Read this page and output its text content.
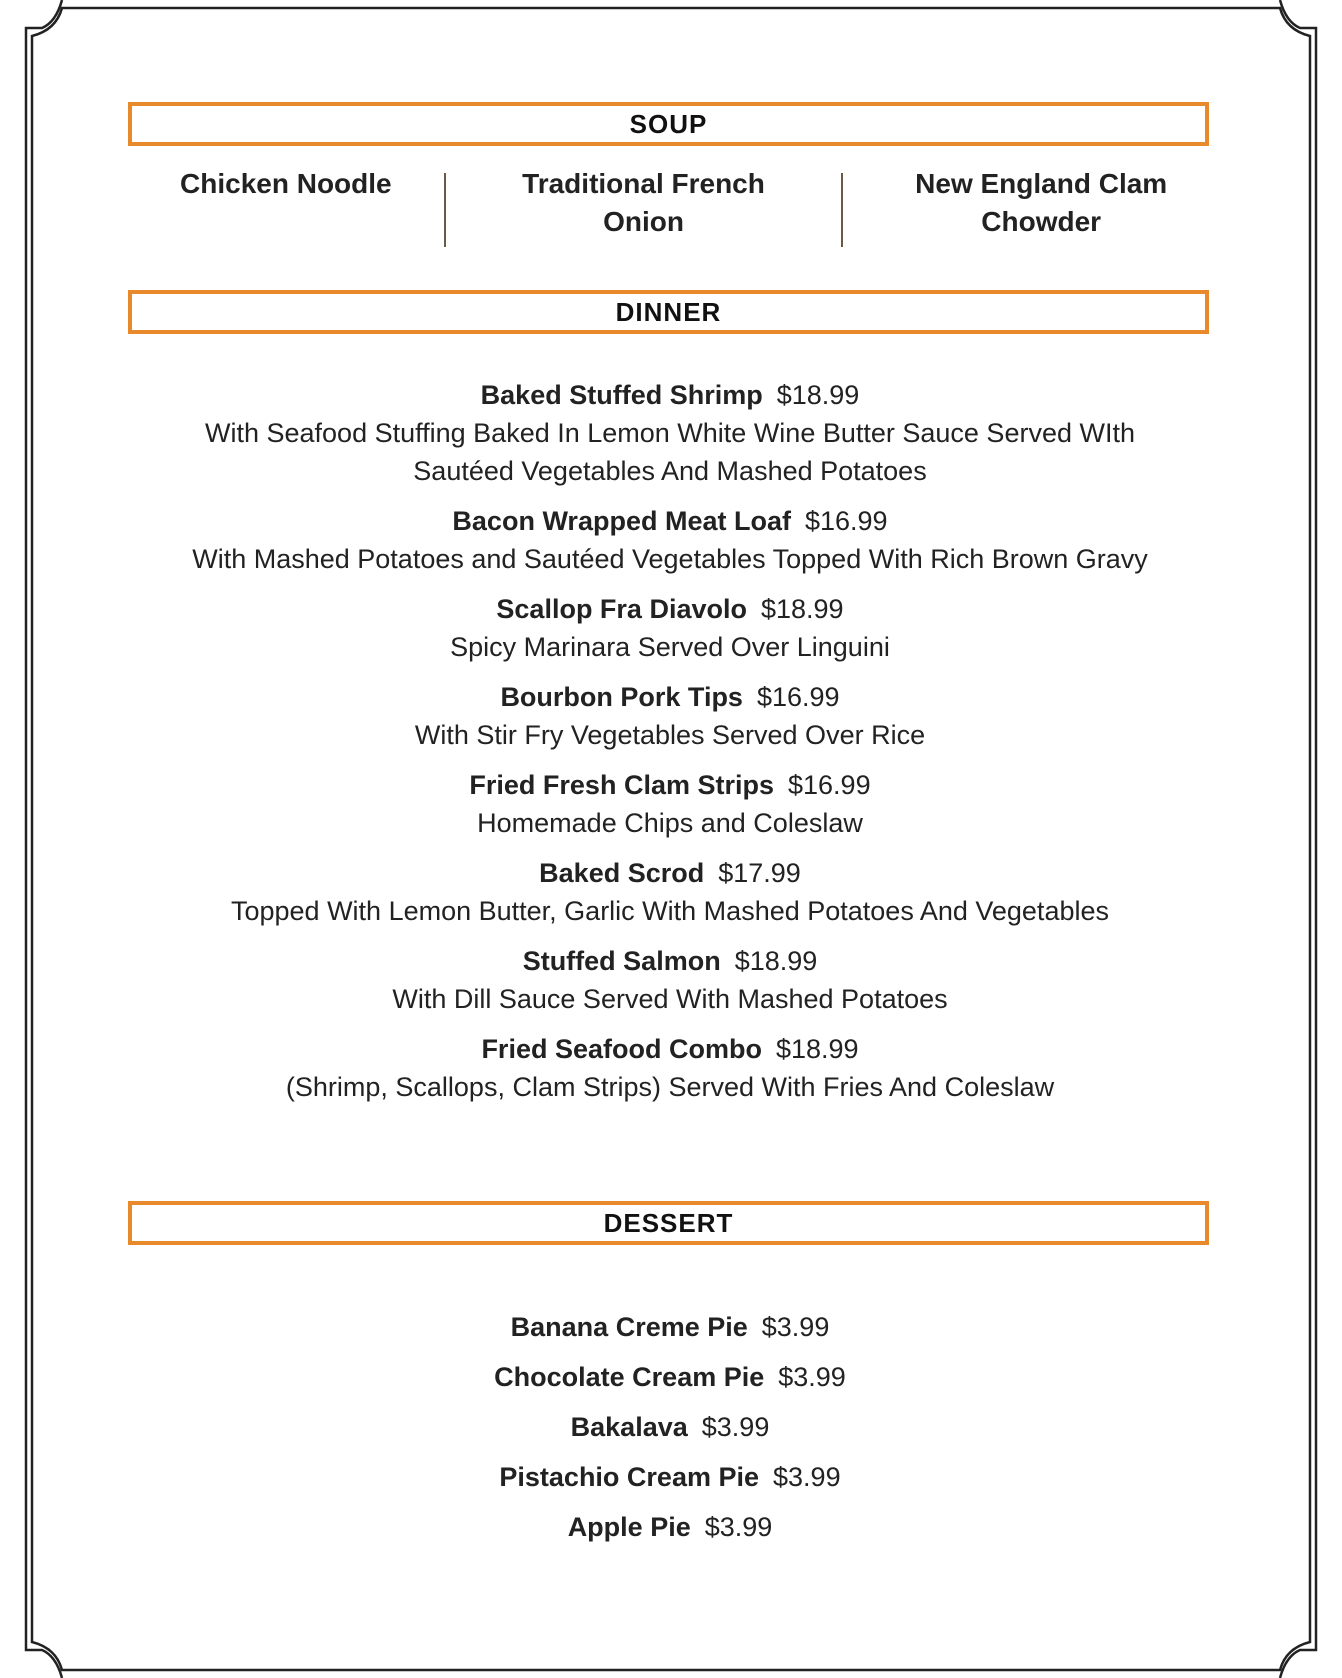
SOUP
Chicken Noodle	Traditional French Onion
New England Clam Chowder
DINNER
Baked Stuffed Shrimp $18.99
With Seafood Stuffing Baked In Lemon White Wine Butter Sauce Served WIth Sautéed Vegetables And Mashed Potatoes
Bacon Wrapped Meat Loaf $16.99
With Mashed Potatoes and Sautéed Vegetables Topped With Rich Brown Gravy
Scallop Fra Diavolo $18.99
Spicy Marinara Served Over Linguini
Bourbon Pork Tips $16.99
With Stir Fry Vegetables Served Over Rice
Fried Fresh Clam Strips $16.99
Homemade Chips and Coleslaw
Baked Scrod $17.99
Topped With Lemon Butter, Garlic With Mashed Potatoes And Vegetables
Stuffed Salmon $18.99
With Dill Sauce Served With Mashed Potatoes
Fried Seafood Combo $18.99
(Shrimp, Scallops, Clam Strips) Served With Fries And Coleslaw
DESSERT
Banana Creme Pie $3.99
Chocolate Cream Pie $3.99
Bakalava $3.99
Pistachio Cream Pie $3.99
Apple Pie $3.99
